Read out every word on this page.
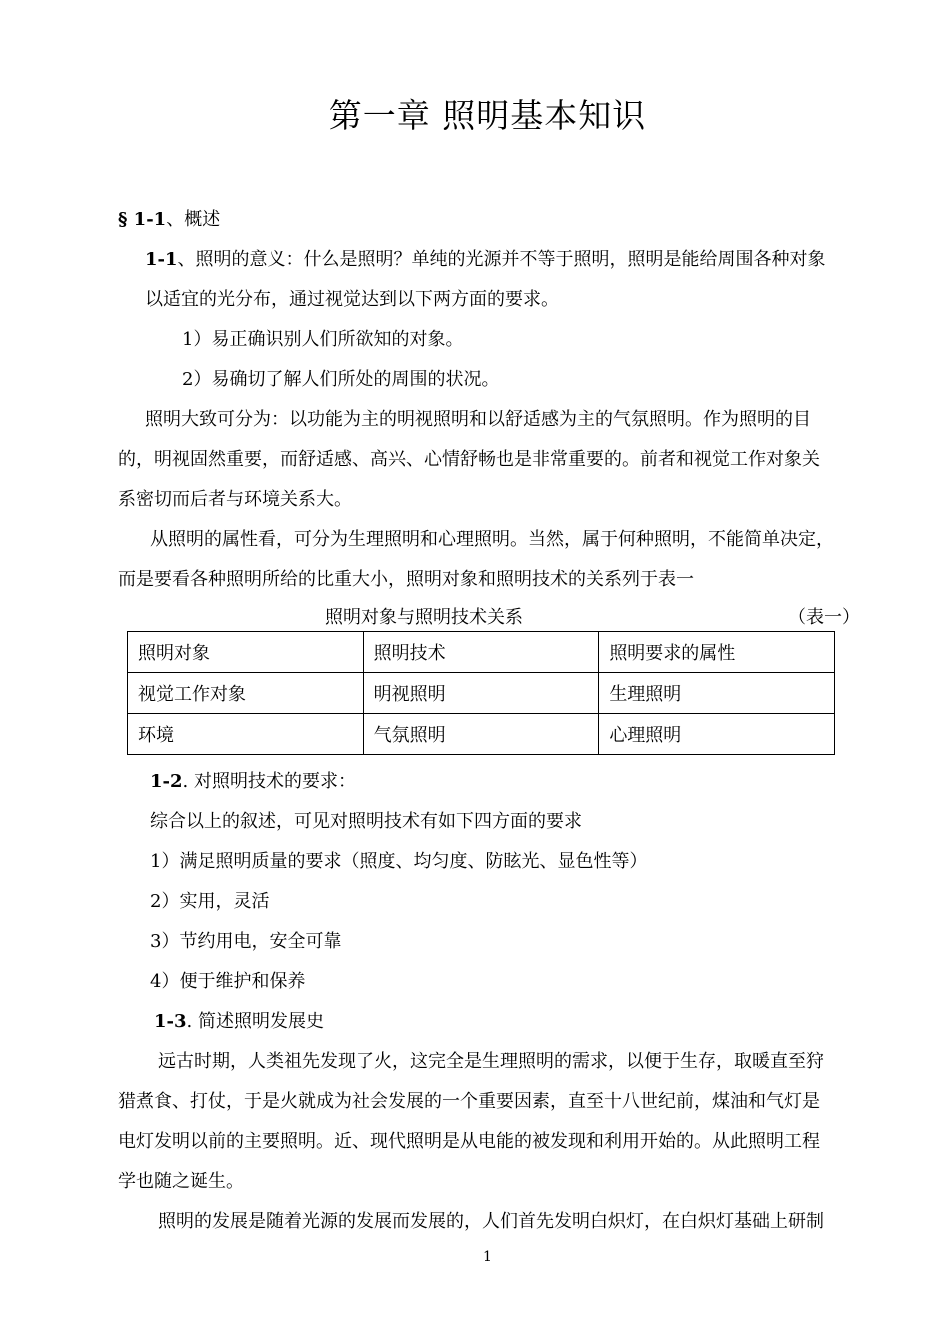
第一章 照明基本知识
§ 1-1、概述
1-1、照明的意义：什么是照明？单纯的光源并不等于照明，照明是能给周围各种对象
以适宜的光分布，通过视觉达到以下两方面的要求。
1）易正确识别人们所欲知的对象。
2）易确切了解人们所处的周围的状况。
照明大致可分为：以功能为主的明视照明和以舒适感为主的气氛照明。作为照明的目
的，明视固然重要，而舒适感、高兴、心情舒畅也是非常重要的。前者和视觉工作对象关
系密切而后者与环境关系大。
从照明的属性看，可分为生理照明和心理照明。当然，属于何种照明，不能简单决定，
而是要看各种照明所给的比重大小，照明对象和照明技术的关系列于表一
照明对象与照明技术关系	（表一）
照明对象	照明技术	照明要求的属性
视觉工作对象	明视照明	生理照明
环境	气氛照明	心理照明
1-2. 对照明技术的要求：
综合以上的叙述，可见对照明技术有如下四方面的要求
1）满足照明质量的要求（照度、均匀度、防眩光、显色性等）
2）实用，灵活
3）节约用电，安全可靠
4）便于维护和保养
1-3. 简述照明发展史
远古时期，人类祖先发现了火，这完全是生理照明的需求，以便于生存，取暖直至狩
猎煮食、打仗，于是火就成为社会发展的一个重要因素，直至十八世纪前，煤油和气灯是
电灯发明以前的主要照明。近、现代照明是从电能的被发现和利用开始的。从此照明工程
学也随之诞生。
照明的发展是随着光源的发展而发展的，人们首先发明白炽灯，在白炽灯基础上研制
1
